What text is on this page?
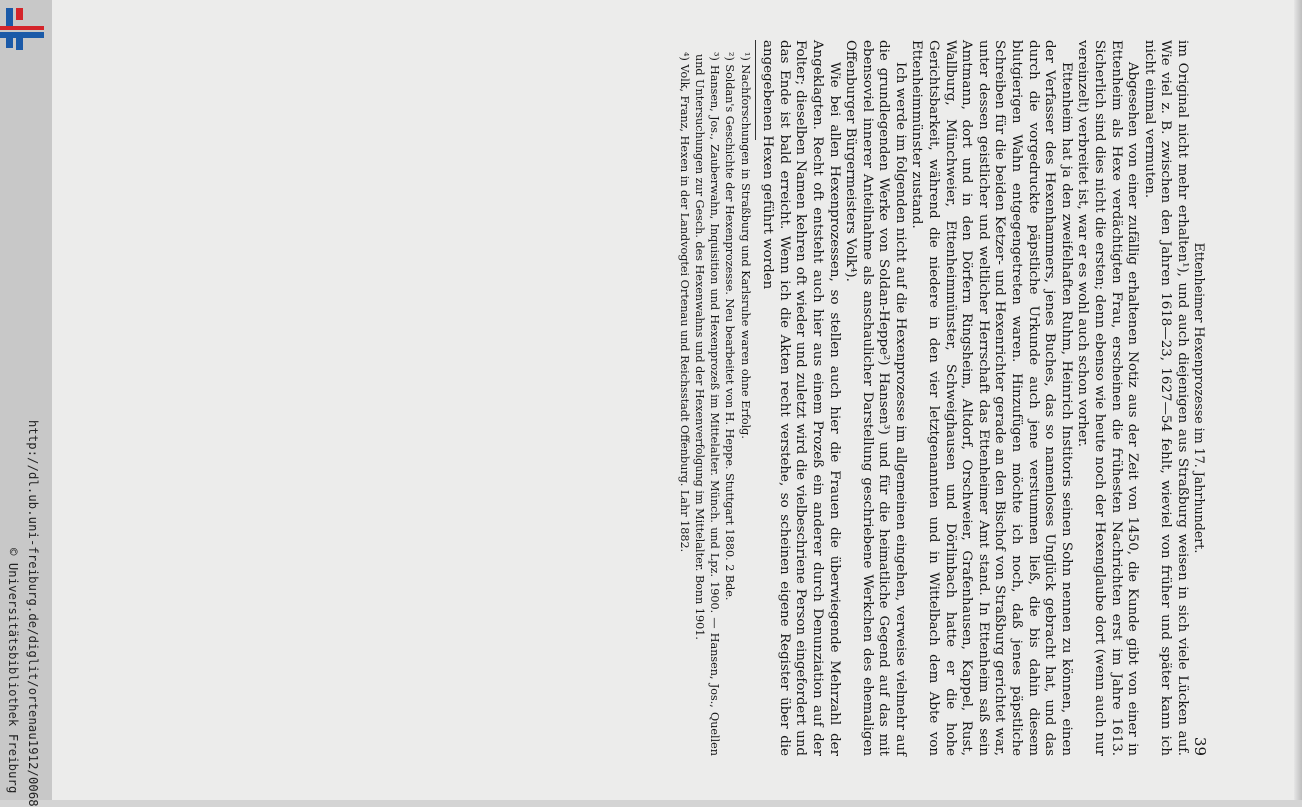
http://dl.ub.uni-freiburg.de/diglit/ortenau1912/0068
© Universitätsbibliothek Freiburg
Ettenheimer Hexenprozesse im 17. Jahrhundert.
39

im Original nicht mehr erhalten¹), und auch diejenigen aus Straßburg weisen in sich viele Lücken auf. Wie viel z. B. zwischen den Jahren 1618—23, 1627—54 fehlt, wieviel von früher und später kann ich nicht einmal vermuten.

Abgesehen von einer zufällig erhaltenen Notiz aus der Zeit von 1450, die Kunde gibt von einer in Ettenheim als Hexe verdächtigten Frau, erscheinen die frühesten Nachrichten erst im Jahre 1613. Sicherlich sind dies nicht die ersten; denn ebenso wie heute noch der Hexenglaube dort (wenn auch nur vereinzelt) verbreitet ist, war er es wohl auch schon vorher.

Ettenheim hat ja den zweifelhaften Ruhm, Heinrich Institoris seinen Sohn nennen zu können, einen der Verfasser des Hexenhammers, jenes Buches, das so namenloses Unglück gebracht hat, und das durch die vorgedruckte päpstliche Urkunde auch jene verstummen ließ, die bis dahin diesem blutgierigen Wahn entgegengetreten waren. Hinzufügen möchte ich noch, daß jenes päpstliche Schreiben für die beiden Ketzer- und Hexenrichter gerade an den Bischof von Straßburg gerichtet war, unter dessen geistlicher und weltlicher Herrschaft das Ettenheimer Amt stand. In Ettenheim saß sein Amtmann, dort und in den Dörfern Ringsheim, Altdorf, Orschweier, Grafenhausen, Kappel, Rust, Wallburg, Münchweier, Ettenheimmünster, Schweighausen und Dörlinbach hatte er die hohe Gerichtsbarkeit, während die niedere in den vier letztgenannten und in Wittelbach dem Abte von Ettenheimmünster zustand.

Ich werde im folgenden nicht auf die Hexenprozesse im allgemeinen eingehen, verweise vielmehr auf die grundlegenden Werke von Soldan-Heppe²) Hansen³) und für die heimatliche Gegend auf das mit ebensoviel innerer Anteilnahme als anschaulicher Darstellung geschriebene Werkchen des ehemaligen Offenburger Bürgermeisters Volk⁴).

Wie bei allen Hexenprozessen, so stellen auch hier die Frauen die überwiegende Mehrzahl der Angeklagten. Recht oft entsteht auch hier aus einem Prozeß ein anderer durch Denunziation auf der Folter; dieselben Namen kehren oft wieder und zuletzt wird die vielbeschriene Person eingefordert und das Ende ist bald erreicht. Wenn ich die Akten recht verstehe, so scheinen eigene Register über die angegebenen Hexen geführt worden

¹) Nachforschungen in Straßburg und Karlsruhe waren ohne Erfolg.

²) Soldan's Geschichte der Hexenprozesse. Neu bearbeitet von H. Heppe. Stuttgart 1880. 2 Bde.

³) Hansen, Jos., Zauberwahn, Inquisition und Hexenprozeß im Mittelalter. Münch. und Lpz. 1900. — Hansen, Jos., Quellen und Untersuchungen zur Gesch. des Hexenwahns und der Hexenverfolgung im Mittelalter. Bonn 1901.

⁴) Volk, Franz, Hexen in der Landvogtei Ortenau und Reichsstadt Offenburg. Lahr 1882.
